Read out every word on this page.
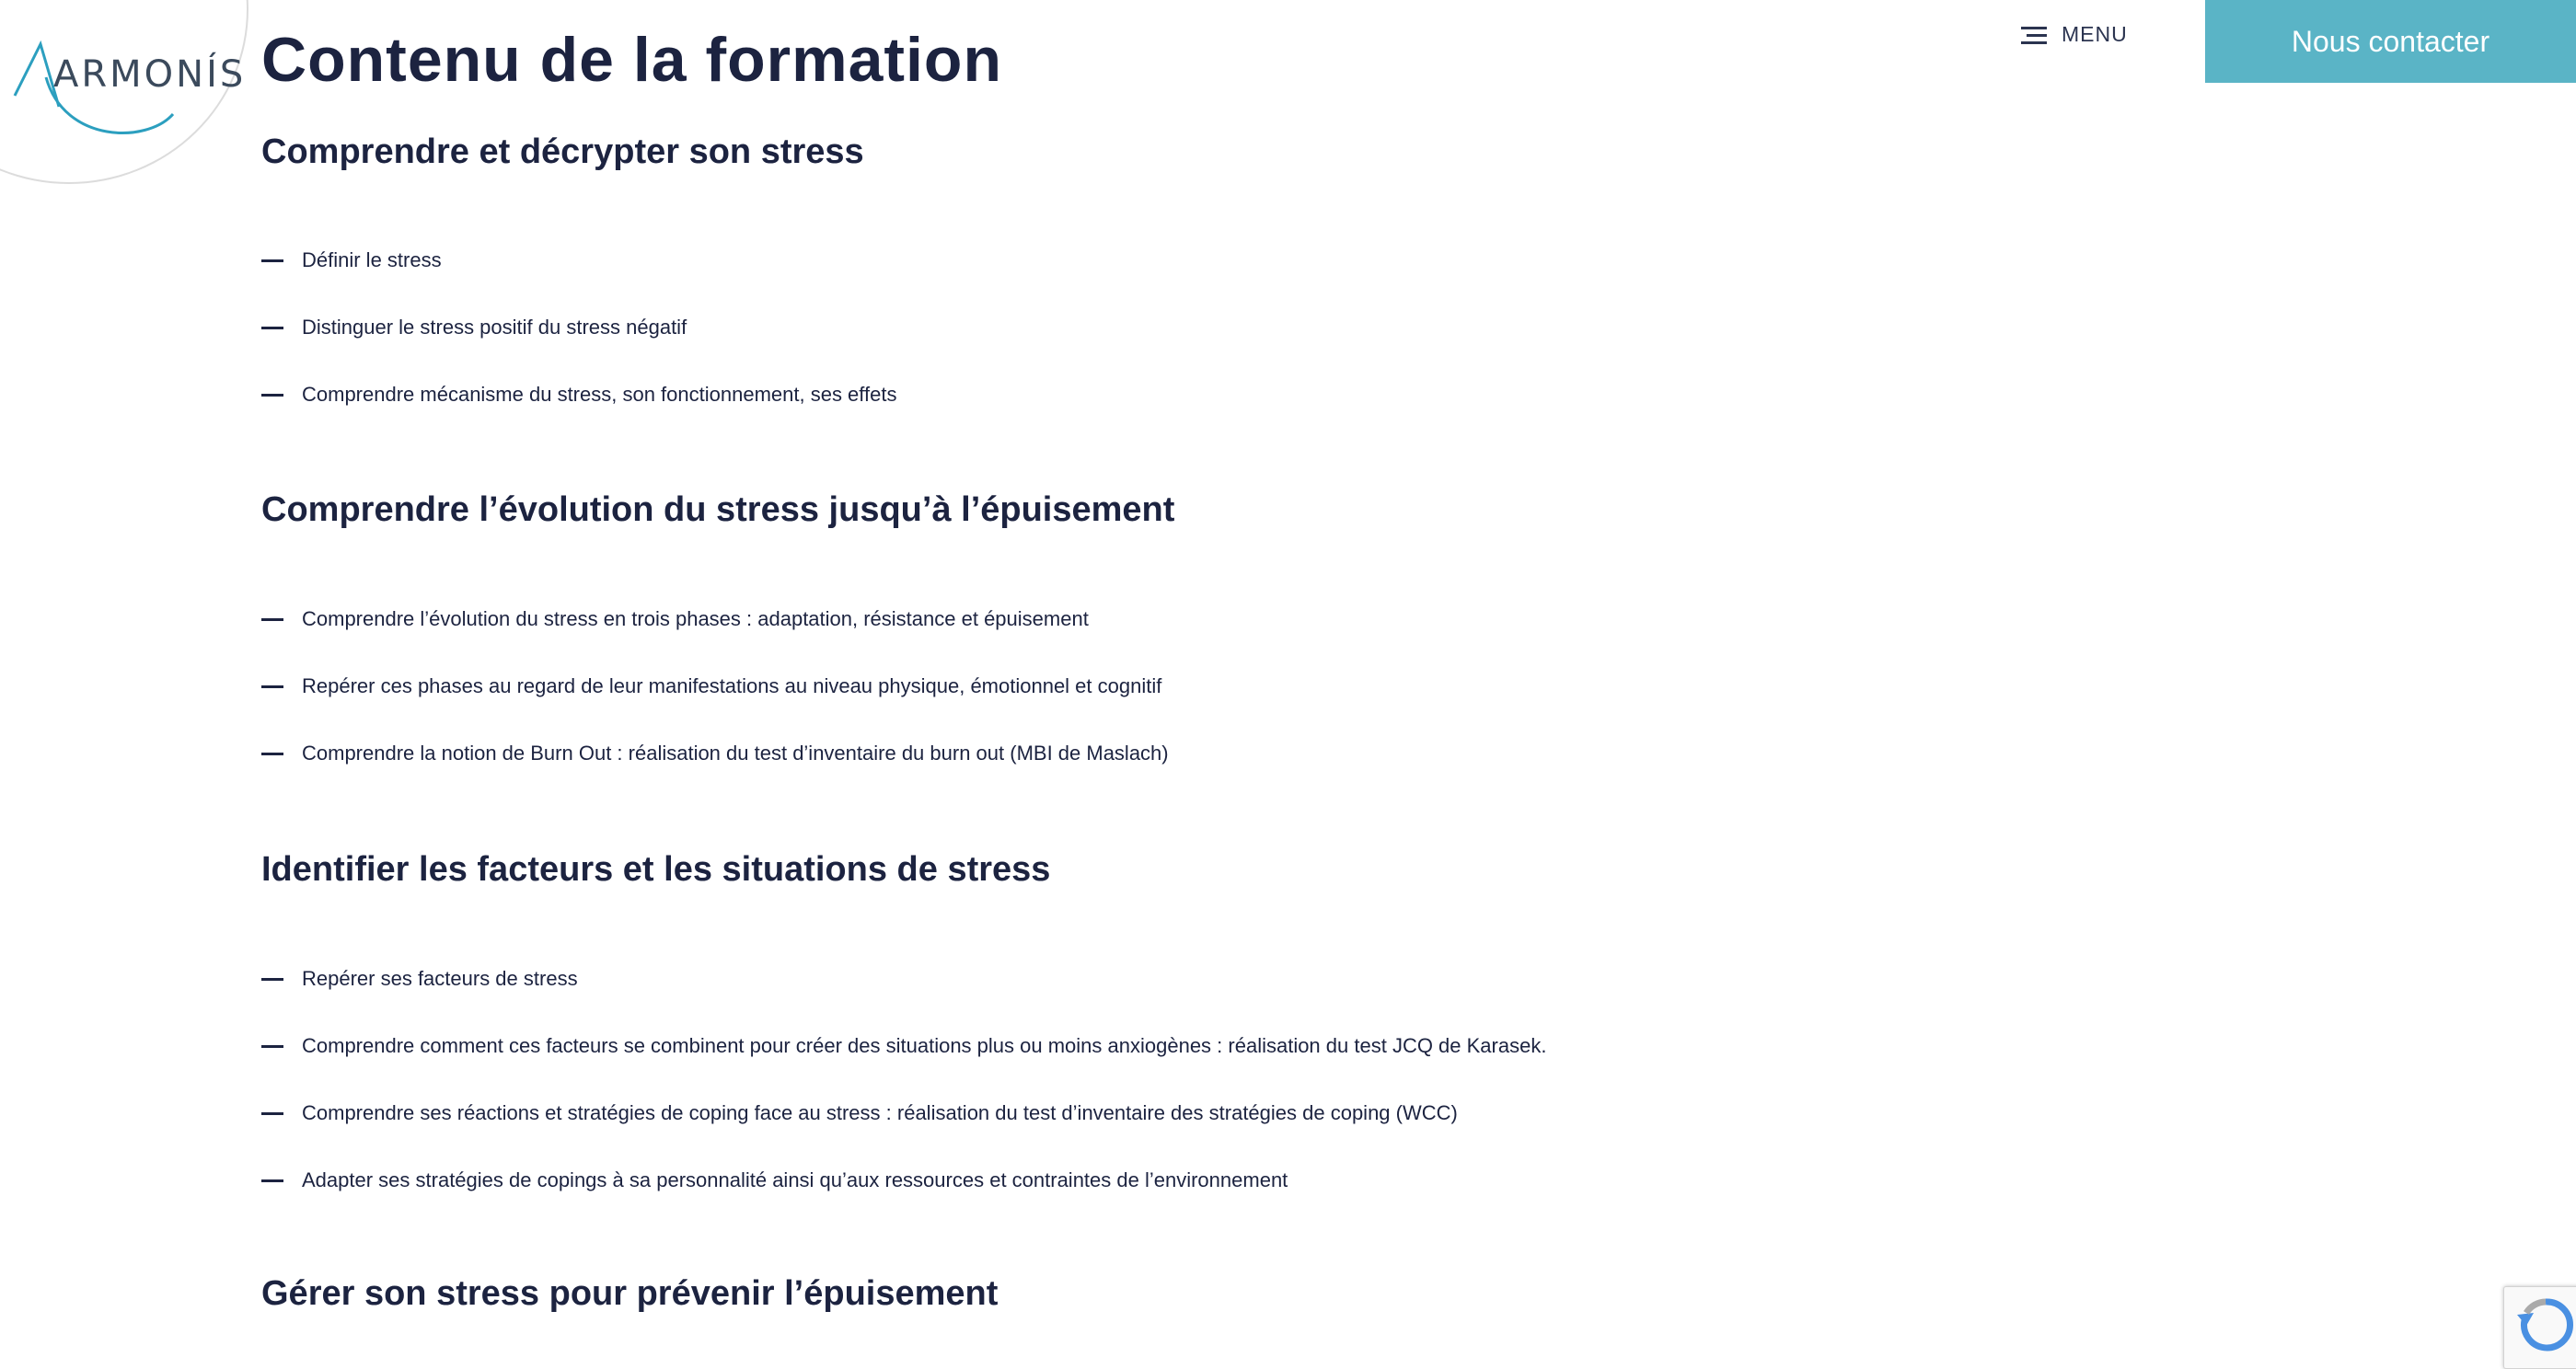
ARMONÍS Contenu de la formation	MENU	Nous contacter
Comprendre et décrypter son stress
Définir le stress
Distinguer le stress positif du stress négatif
Comprendre mécanisme du stress, son fonctionnement, ses effets
Comprendre l’évolution du stress jusqu’à l’épuisement
Comprendre l’évolution du stress en trois phases : adaptation, résistance et épuisement
Repérer ces phases au regard de leur manifestations au niveau physique, émotionnel et cognitif
Comprendre la notion de Burn Out : réalisation du test d’inventaire du burn out (MBI de Maslach)
Identifier les facteurs et les situations de stress
Repérer ses facteurs de stress
Comprendre comment ces facteurs se combinent pour créer des situations plus ou moins anxiogènes : réalisation du test JCQ de Karasek.
Comprendre ses réactions et stratégies de coping face au stress : réalisation du test d’inventaire des stratégies de coping (WCC)
Adapter ses stratégies de copings à sa personnalité ainsi qu’aux ressources et contraintes de l’environnement
Gérer son stress pour prévenir l’épuisement
